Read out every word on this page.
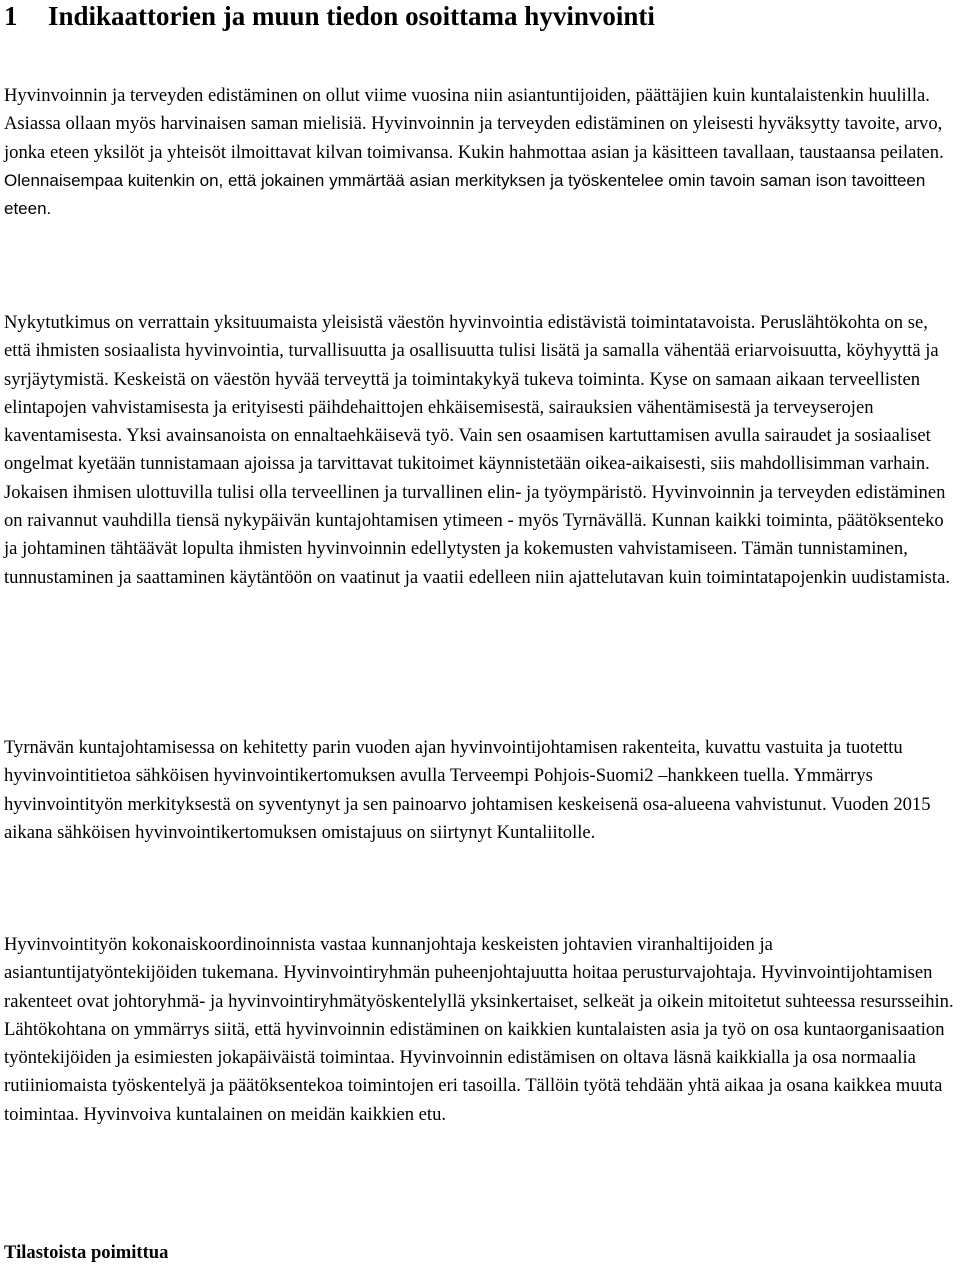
1 Indikaattorien ja muun tiedon osoittama hyvinvointi

Hyvinvoinnin ja terveyden edistäminen on ollut viime vuosina niin asiantuntijoiden, päättäjien kuin kuntalaistenkin huulilla. Asiassa ollaan myös harvinaisen saman mielisiä. Hyvinvoinnin ja terveyden edistäminen on yleisesti hyväksytty tavoite, arvo, jonka eteen yksilöt ja yhteisöt ilmoittavat kilvan toimivansa. Kukin hahmottaa asian ja käsitteen tavallaan, taustaansa peilaten. Olennaisempaa kuitenkin on, että jokainen ymmärtää asian merkityksen ja työskentelee omin tavoin saman ison tavoitteen eteen.

Nykytutkimus on verrattain yksituumaista yleisistä väestön hyvinvointia edistävistä toimintatavoista. Peruslähtökohta on se, että ihmisten sosiaalista hyvinvointia, turvallisuutta ja osallisuutta tulisi lisätä ja samalla vähentää eriarvoisuutta, köyhyyttä ja syrjäytymistä. Keskeistä on väestön hyvää terveyttä ja toimintakykyä tukeva toiminta. Kyse on samaan aikaan terveellisten elintapojen vahvistamisesta ja erityisesti päihdehaittojen ehkäisemisestä, sairauksien vähentämisestä ja terveyserojen kaventamisesta. Yksi avainsanoista on ennaltaehkäisevä työ. Vain sen osaamisen kartuttamisen avulla sairaudet ja sosiaaliset ongelmat kyetään tunnistamaan ajoissa ja tarvittavat tukitoimet käynnistetään oikea-aikaisesti, siis mahdollisimman varhain. Jokaisen ihmisen ulottuvilla tulisi olla terveellinen ja turvallinen elin- ja työympäristö. Hyvinvoinnin ja terveyden edistäminen on raivannut vauhdilla tiensä nykypäivän kuntajohtamisen ytimeen - myös Tyrnävällä. Kunnan kaikki toiminta, päätöksenteko ja johtaminen tähtäävät lopulta ihmisten hyvinvoinnin edellytysten ja kokemusten vahvistamiseen. Tämän tunnistaminen, tunnustaminen ja saattaminen käytäntöön on vaatinut ja vaatii edelleen niin ajattelutavan kuin toimintatapojenkin uudistamista.

Tyrnävän kuntajohtamisessa on kehitetty parin vuoden ajan hyvinvointijohtamisen rakenteita, kuvattu vastuita ja tuotettu hyvinvointitietoa sähköisen hyvinvointikertomuksen avulla Terveempi Pohjois-Suomi2 –hankkeen tuella. Ymmärrys hyvinvointityön merkityksestä on syventynyt ja sen painoarvo johtamisen keskeisenä osa-alueena vahvistunut. Vuoden 2015 aikana sähköisen hyvinvointikertomuksen omistajuus on siirtynyt Kuntaliitolle.

Hyvinvointityön kokonaiskoordinoinnista vastaa kunnanjohtaja keskeisten johtavien viranhaltijoiden ja asiantuntijatyöntekijöiden tukemana. Hyvinvointiryhmän puheenjohtajuutta hoitaa perusturvajohtaja. Hyvinvointijohtamisen rakenteet ovat johtoryhmä- ja hyvinvointiryhmätyöskentelyllä yksinkertaiset, selkeät ja oikein mitoitetut suhteessa resursseihin. Lähtökohtana on ymmärrys siitä, että hyvinvoinnin edistäminen on kaikkien kuntalaisten asia ja työ on osa kuntaorganisaation työntekijöiden ja esimiesten jokapäiväistä toimintaa. Hyvinvoinnin edistämisen on oltava läsnä kaikkialla ja osa normaalia rutiiniomaista työskentelyä ja päätöksentekoa toimintojen eri tasoilla. Tällöin työtä tehdään yhtä aikaa ja osana kaikkea muuta toimintaa. Hyvinvoiva kuntalainen on meidän kaikkien etu.

Tilastoista poimittua
